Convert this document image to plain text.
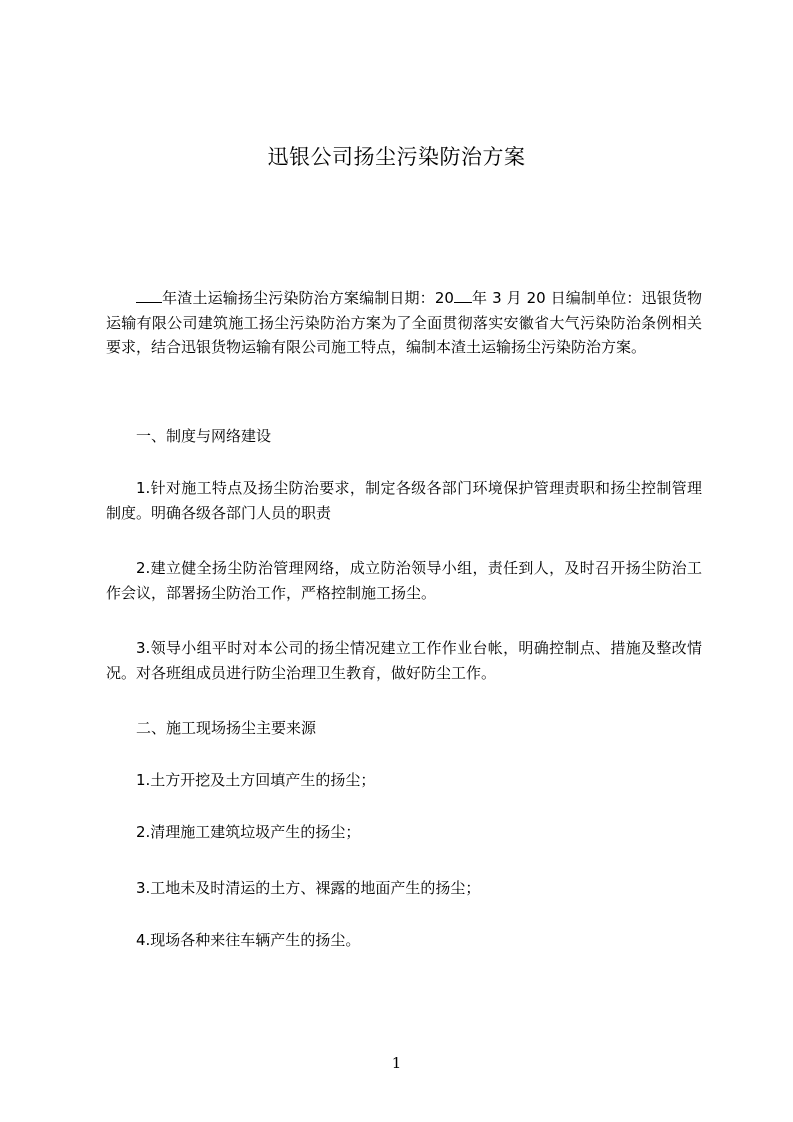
迅银公司扬尘污染防治方案
年渣土运输扬尘污染防治方案编制日期：20 年 3 月 20 日编制单位：迅银货物运输有限公司建筑施工扬尘污染防治方案为了全面贯彻落实安徽省大气污染防治条例相关要求，结合迅银货物运输有限公司施工特点，编制本渣土运输扬尘污染防治方案。
一、制度与网络建设
1.针对施工特点及扬尘防治要求，制定各级各部门环境保护管理责职和扬尘控制管理制度。明确各级各部门人员的职责
2.建立健全扬尘防治管理网络，成立防治领导小组，责任到人，及时召开扬尘防治工作会议，部署扬尘防治工作，严格控制施工扬尘。
3.领导小组平时对本公司的扬尘情况建立工作作业台帐，明确控制点、措施及整改情况。对各班组成员进行防尘治理卫生教育，做好防尘工作。
二、施工现场扬尘主要来源
1.土方开挖及土方回填产生的扬尘；
2.清理施工建筑垃圾产生的扬尘；
3.工地未及时清运的土方、裸露的地面产生的扬尘；
4.现场各种来往车辆产生的扬尘。
1
